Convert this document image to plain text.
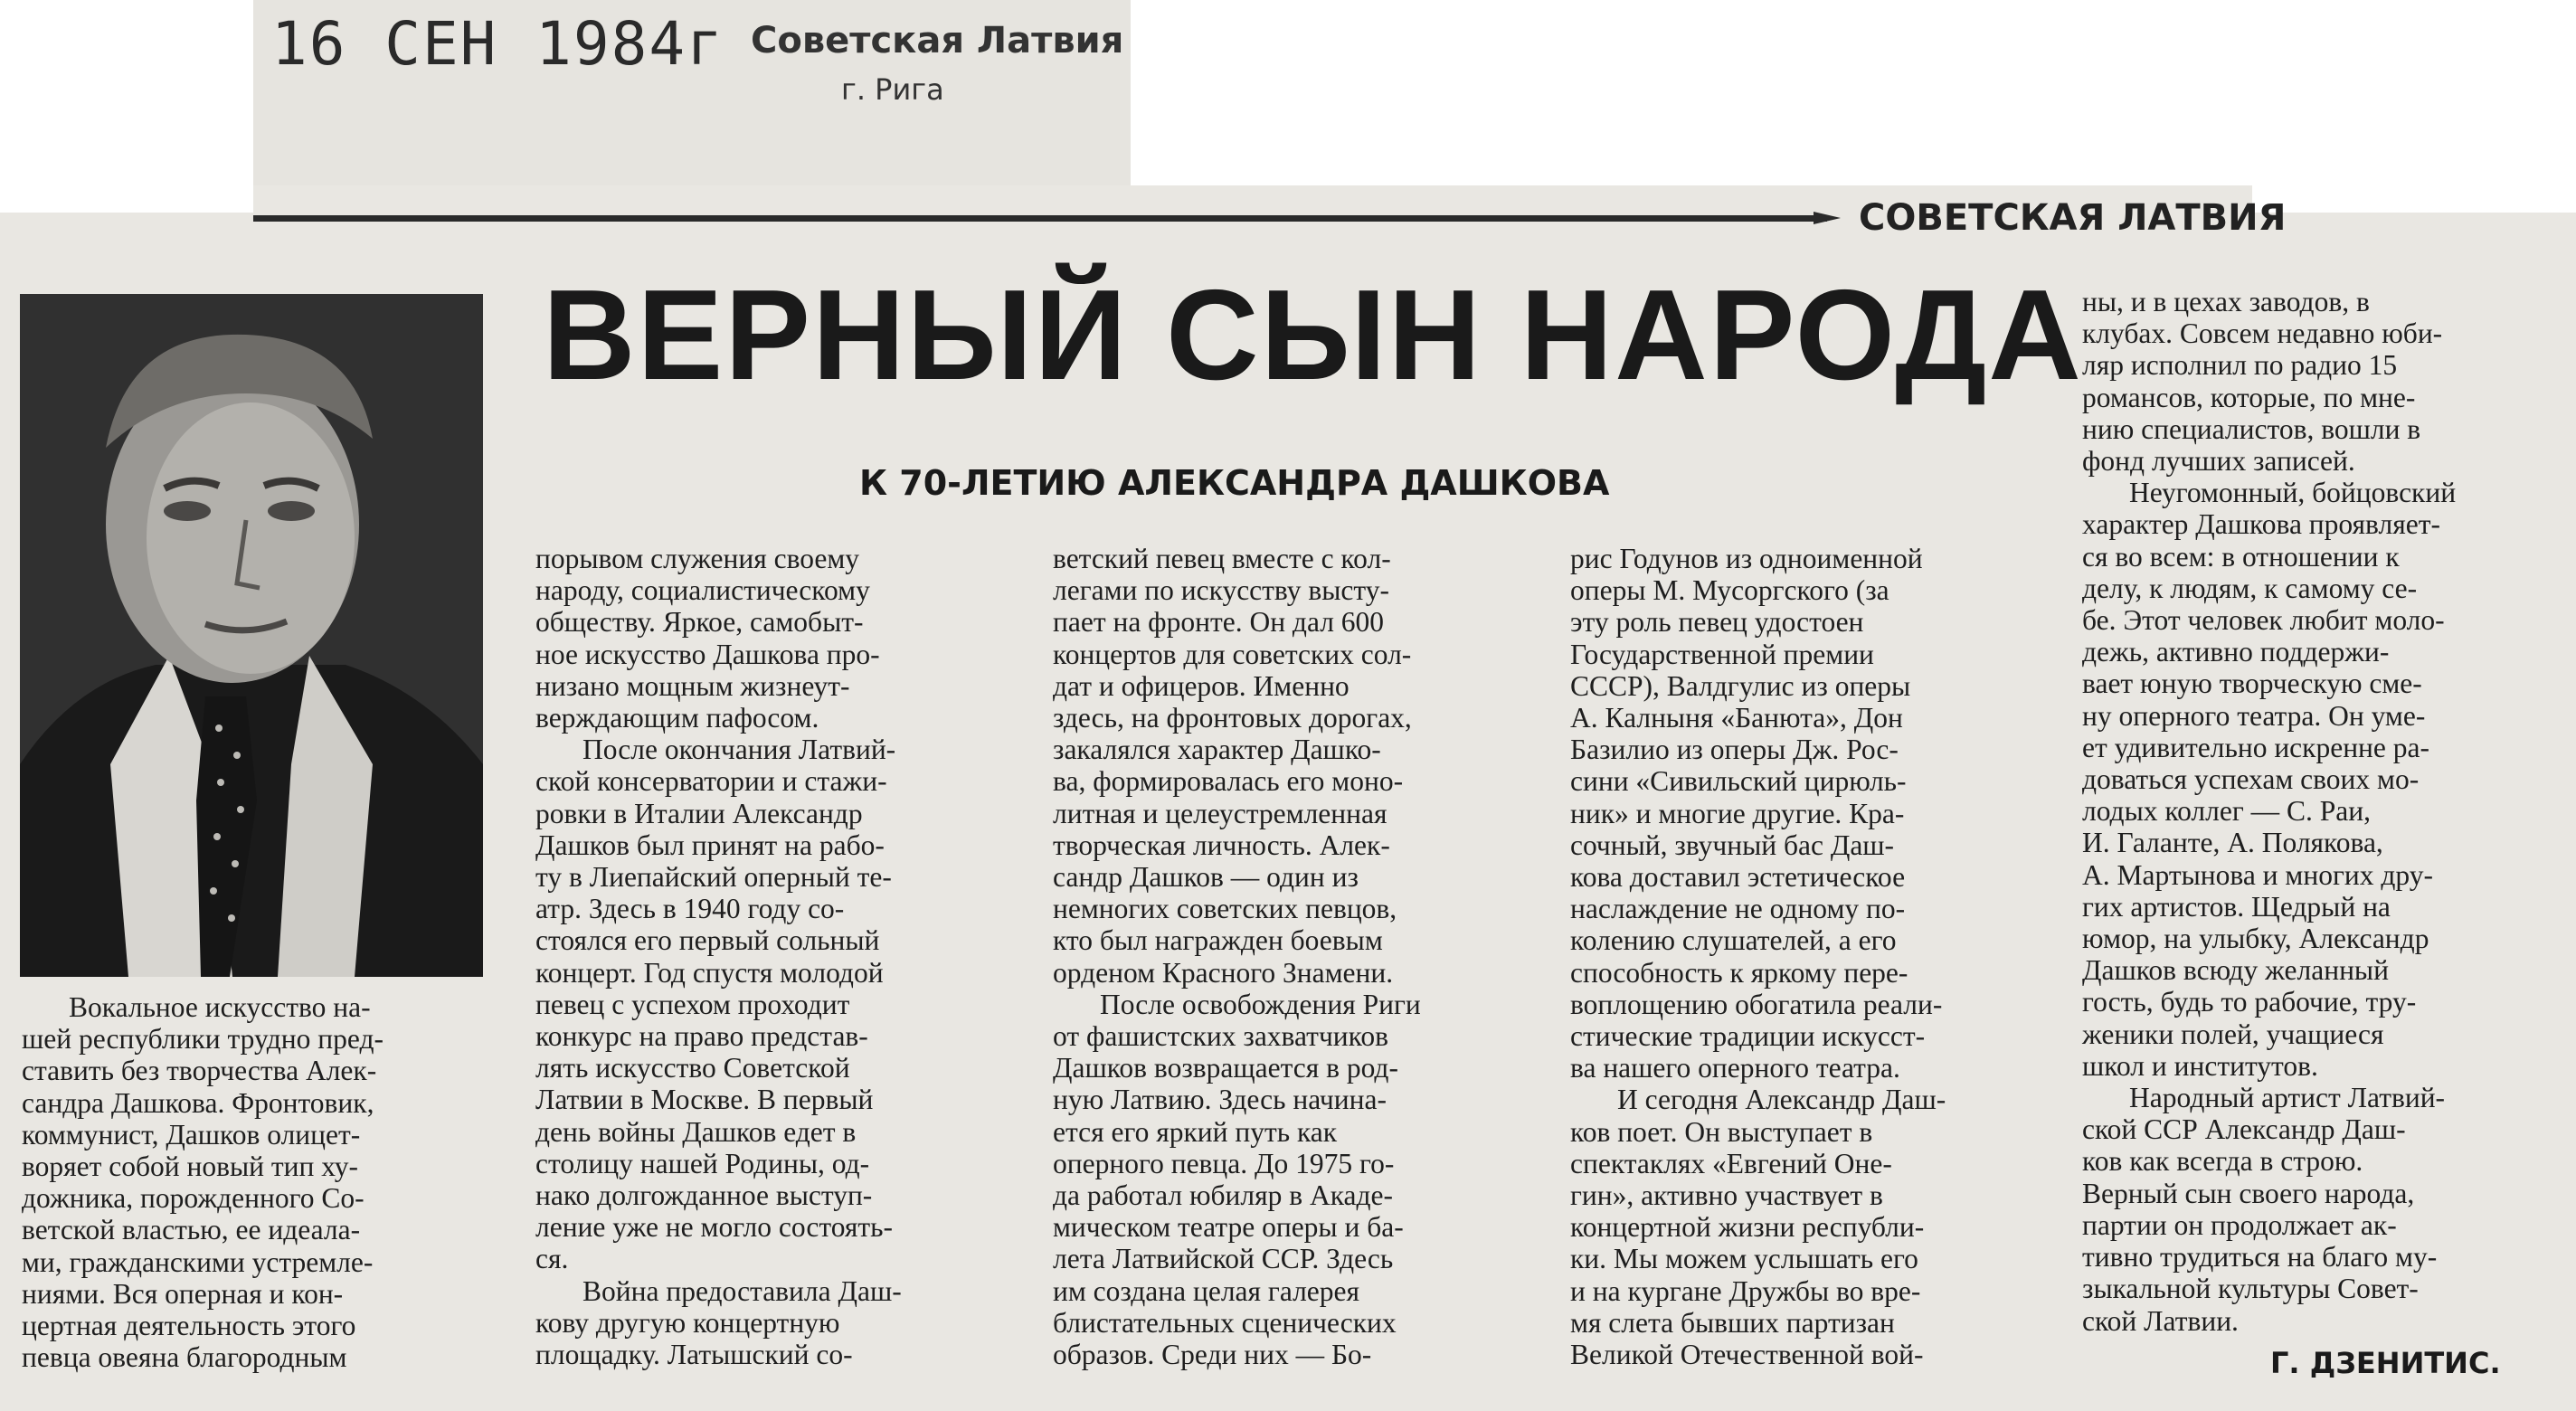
16 СЕН 1984г Советская Латвия
г. Рига
СОВЕТСКАЯ ЛАТВИЯ
ВЕРНЫЙ СЫН НАРОДА
К 70-ЛЕТИЮ АЛЕКСАНДРА ДАШКОВА
Вокальное искусство на-
шей республики трудно пред-
ставить без творчества Алек-
сандра Дашкова. Фронтовик,
коммунист, Дашков олицет-
воряет собой новый тип ху-
дожника, порожденного Со-
ветской властью, ее идеала-
ми, гражданскими устремле-
ниями. Вся оперная и кон-
цертная деятельность этого
певца овеяна благородным
порывом служения своему
народу, социалистическому
обществу. Яркое, самобыт-
ное искусство Дашкова про-
низано мощным жизнеут-
верждающим пафосом.
После окончания Латвий-
ской консерватории и стажи-
ровки в Италии Александр
Дашков был принят на рабо-
ту в Лиепайский оперный те-
атр. Здесь в 1940 году со-
стоялся его первый сольный
концерт. Год спустя молодой
певец с успехом проходит
конкурс на право представ-
лять искусство Советской
Латвии в Москве. В первый
день войны Дашков едет в
столицу нашей Родины, од-
нако долгожданное выступ-
ление уже не могло состоять-
ся.
Война предоставила Даш-
кову другую концертную
площадку. Латышский со-
ветский певец вместе с кол-
легами по искусству высту-
пает на фронте. Он дал 600
концертов для советских сол-
дат и офицеров. Именно
здесь, на фронтовых дорогах,
закалялся характер Дашко-
ва, формировалась его моно-
литная и целеустремленная
творческая личность. Алек-
сандр Дашков — один из
немногих советских певцов,
кто был награжден боевым
орденом Красного Знамени.
После освобождения Риги
от фашистских захватчиков
Дашков возвращается в род-
ную Латвию. Здесь начина-
ется его яркий путь как
оперного певца. До 1975 го-
да работал юбиляр в Акаде-
мическом театре оперы и ба-
лета Латвийской ССР. Здесь
им создана целая галерея
блистательных сценических
образов. Среди них — Бо-
рис Годунов из одноименной
оперы М. Мусоргского (за
эту роль певец удостоен
Государственной премии
СССР), Валдгулис из оперы
А. Калныня «Банюта», Дон
Базилио из оперы Дж. Рос-
сини «Сивильский цирюль-
ник» и многие другие. Кра-
сочный, звучный бас Даш-
кова доставил эстетическое
наслаждение не одному по-
колению слушателей, а его
способность к яркому пере-
воплощению обогатила реали-
стические традиции искусст-
ва нашего оперного театра.
И сегодня Александр Даш-
ков поет. Он выступает в
спектаклях «Евгений Оне-
гин», активно участвует в
концертной жизни республи-
ки. Мы можем услышать его
и на кургане Дружбы во вре-
мя слета бывших партизан
Великой Отечественной вой-
ны, и в цехах заводов, в
клубах. Совсем недавно юби-
ляр исполнил по радио 15
романсов, которые, по мне-
нию специалистов, вошли в
фонд лучших записей.
Неугомонный, бойцовский
характер Дашкова проявляет-
ся во всем: в отношении к
делу, к людям, к самому се-
бе. Этот человек любит моло-
дежь, активно поддержи-
вает юную творческую сме-
ну оперного театра. Он уме-
ет удивительно искренне ра-
доваться успехам своих мо-
лодых коллег — С. Раи,
И. Галанте, А. Полякова,
А. Мартынова и многих дру-
гих артистов. Щедрый на
юмор, на улыбку, Александр
Дашков всюду желанный
гость, будь то рабочие, тру-
женики полей, учащиеся
школ и институтов.
Народный артист Латвий-
ской ССР Александр Даш-
ков как всегда в строю.
Верный сын своего народа,
партии он продолжает ак-
тивно трудиться на благо му-
зыкальной культуры Совет-
ской Латвии.
Г. ДЗЕНИТИС.
